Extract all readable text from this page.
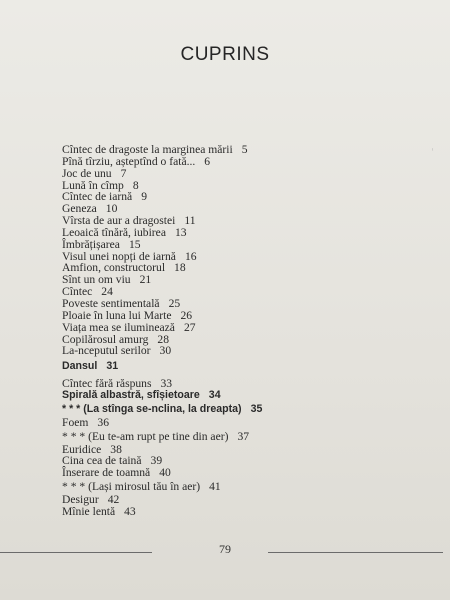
CUPRINS
ᵗ
Cîntec de dragoste la marginea mării 5
Pînă tîrziu, așteptînd o fată... 6
Joc de unu 7
Lună în cîmp 8
Cîntec de iarnă 9
Geneza 10
Vîrsta de aur a dragostei 11
Leoaică tînără, iubirea 13
Îmbrățișarea 15
Visul unei nopți de iarnă 16
Amfion, constructorul 18
Sînt un om viu 21
Cîntec 24
Poveste sentimentală 25
Ploaie în luna lui Marte 26
Viața mea se iluminează 27
Copilărosul amurg 28
La-nceputul serilor 30
Dansul 31
Cîntec fără răspuns 33
Spirală albastră, sfîșietoare 34
* * * (La stînga se-nclina, la dreapta) 35
Foem 36
* * * (Eu te-am rupt pe tine din aer) 37
Euridice 38
Cina cea de taină 39
Înserare de toamnă 40
* * * (Lași mirosul tău în aer) 41
Desigur 42
Mînie lentă 43
79
